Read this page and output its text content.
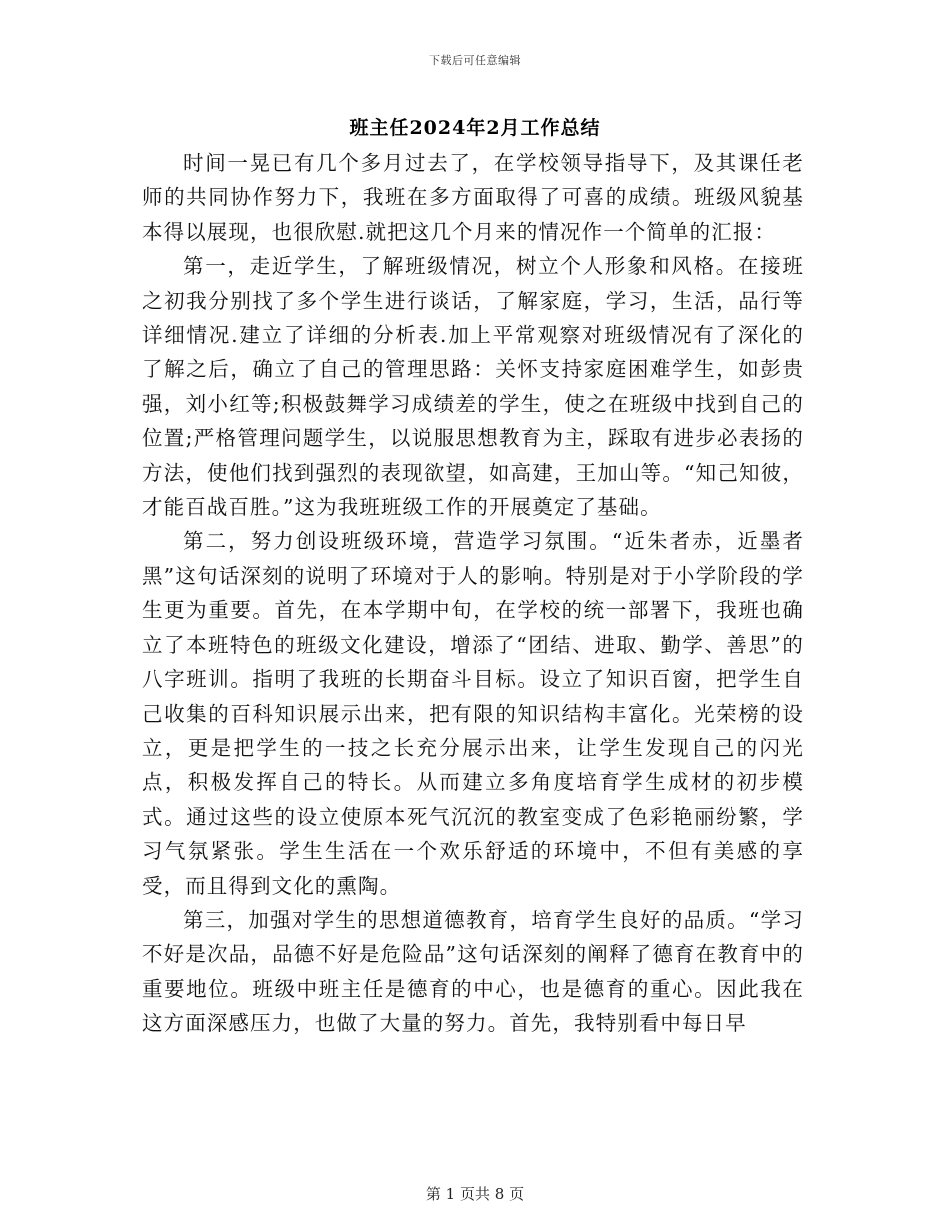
下载后可任意编辑
班主任2024年2月工作总结

时间一晃已有几个多月过去了，在学校领导指导下，及其课任老师的共同协作努力下，我班在多方面取得了可喜的成绩。班级风貌基本得以展现，也很欣慰.就把这几个月来的情况作一个简单的汇报：

第一，走近学生，了解班级情况，树立个人形象和风格。在接班之初我分别找了多个学生进行谈话，了解家庭，学习，生活，品行等详细情况.建立了详细的分析表.加上平常观察对班级情况有了深化的了解之后，确立了自己的管理思路：关怀支持家庭困难学生，如彭贵强，刘小红等;积极鼓舞学习成绩差的学生，使之在班级中找到自己的位置;严格管理问题学生，以说服思想教育为主，踩取有进步必表扬的方法，使他们找到强烈的表现欲望，如高建，王加山等。“知己知彼，才能百战百胜。”这为我班班级工作的开展奠定了基础。

第二，努力创设班级环境，营造学习氛围。“近朱者赤，近墨者黑”这句话深刻的说明了环境对于人的影响。特别是对于小学阶段的学生更为重要。首先，在本学期中旬，在学校的统一部署下，我班也确立了本班特色的班级文化建设，增添了“团结、进取、勤学、善思”的八字班训。指明了我班的长期奋斗目标。设立了知识百窗，把学生自己收集的百科知识展示出来，把有限的知识结构丰富化。光荣榜的设立，更是把学生的一技之长充分展示出来，让学生发现自己的闪光点，积极发挥自己的特长。从而建立多角度培育学生成材的初步模式。通过这些的设立使原本死气沉沉的教室变成了色彩艳丽纷繁，学习气氛紧张。学生生活在一个欢乐舒适的环境中，不但有美感的享受，而且得到文化的熏陶。

第三，加强对学生的思想道德教育，培育学生良好的品质。“学习不好是次品，品德不好是危险品”这句话深刻的阐释了德育在教育中的重要地位。班级中班主任是德育的中心，也是德育的重心。因此我在这方面深感压力，也做了大量的努力。首先，我特别看中每日早

第 1 页共 8 页
